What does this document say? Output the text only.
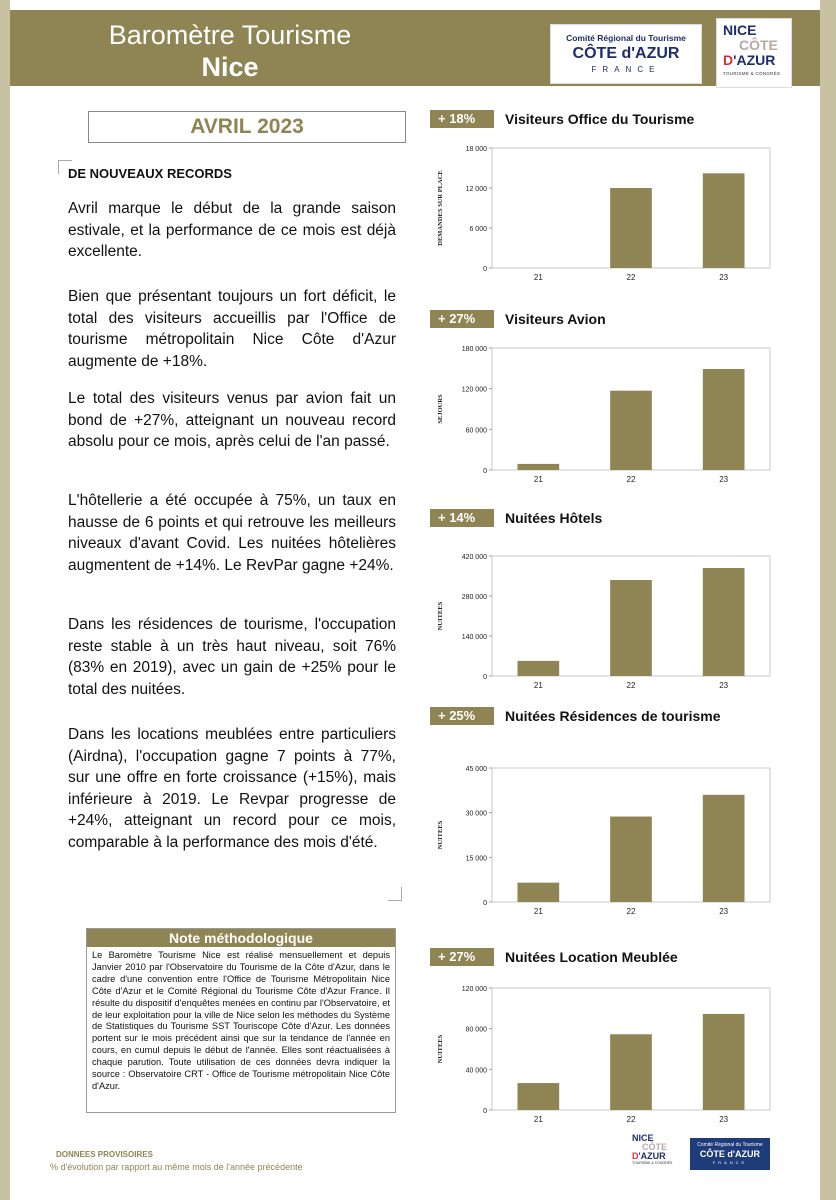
Baromètre Tourisme
Nice
Comité Régional du Tourisme
CÔTE d'AZUR
FRANCE
NICE
CÔTE
D'AZUR
TOURISME & CONGRÈS
AVRIL 2023
DE NOUVEAUX RECORDS

Avril marque le début de la grande saison estivale, et la performance de ce mois est déjà excellente.

Bien que présentant toujours un fort déficit, le total des visiteurs accueillis par l'Office de tourisme métropolitain Nice Côte d'Azur augmente de +18%.

Le total des visiteurs venus par avion fait un bond de +27%, atteignant un nouveau record absolu pour ce mois, après celui de l'an passé.

L'hôtellerie a été occupée à 75%, un taux en hausse de 6 points et qui retrouve les meilleurs niveaux d'avant Covid. Les nuitées hôtelières augmentent de +14%. Le RevPar gagne +24%.

Dans les résidences de tourisme, l'occupation reste stable à un très haut niveau, soit 76% (83% en 2019), avec un gain de +25% pour le total des nuitées.

Dans les locations meublées entre particuliers (Airdna), l'occupation gagne 7 points à 77%, sur une offre en forte croissance (+15%), mais inférieure à 2019. Le Revpar progresse de +24%, atteignant un record pour ce mois, comparable à la performance des mois d'été.

Note méthodologique
Le Baromètre Tourisme Nice est réalisé mensuellement et depuis Janvier 2010 par l'Observatoire du Tourisme de la Côte d'Azur, dans le cadre d'une convention entre l'Office de Tourisme Métropolitain Nice Côte d'Azur et le Comité Régional du Tourisme Côte d'Azur France. Il résulte du dispositif d'enquêtes menées en continu par l'Observatoire, et de leur exploitation pour la ville de Nice selon les méthodes du Système de Statistiques du Tourisme SST Touriscope Côte d'Azur. Les données portent sur le mois précédent ainsi que sur la tendance de l'année en cours, en cumul depuis le début de l'année. Elles sont réactualisées à chaque parution. Toute utilisation de ces données devra indiquer la source : Observatoire CRT - Office de Tourisme métropolitain Nice Côte d'Azur.
DONNEES PROVISOIRES
% d'évolution par rapport au même mois de l'année précédente
NICE
CÔTE
D'AZUR
TOURISME & CONGRÈS
Comité Régional du Tourisme
CÔTE d'AZUR
FRANCE
+ 18%	Visiteurs Office du Tourisme
0
6 000
12 000
18 000
DEMANDES SUR PLACE
21	22	23
+ 27%	Visiteurs Avion
0
60 000
120 000
180 000
SEJOURS
21	22	23
+ 14%	Nuitées Hôtels
0
140 000
280 000
420 000
NUITEES
21	22	23
+ 25%	Nuitées Résidences de tourisme
0
15 000
30 000
45 000
NUITEES
21	22	23
+ 27%	Nuitées Location Meublée
0
40 000
80 000
120 000
NUITEES
21	22	23
